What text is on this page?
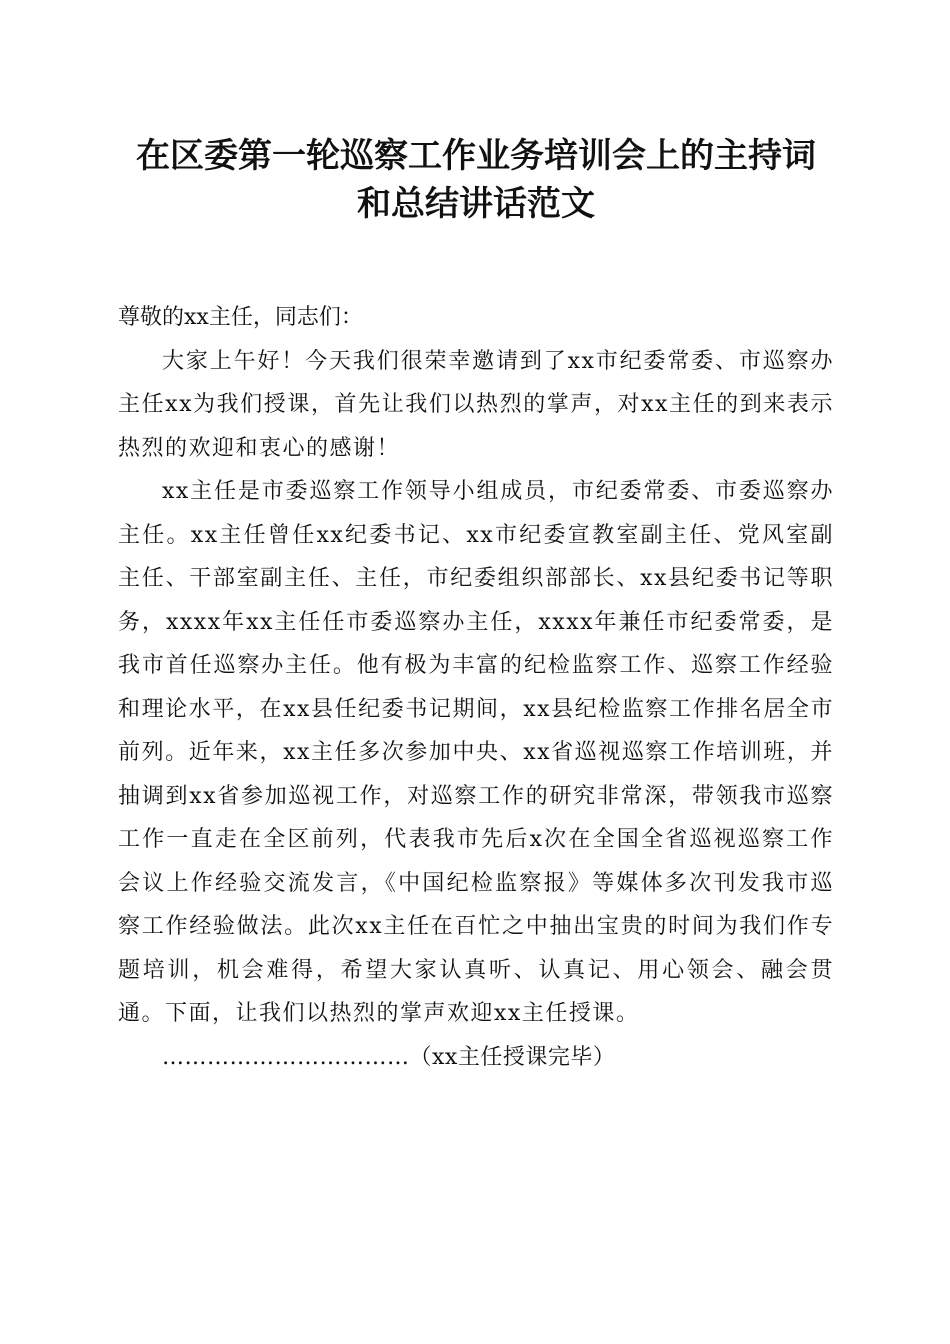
在区委第一轮巡察工作业务培训会上的主持词
和总结讲话范文

尊敬的xx主任，同志们：

大家上午好！今天我们很荣幸邀请到了xx市纪委常委、市巡察办主任xx为我们授课，首先让我们以热烈的掌声，对xx主任的到来表示热烈的欢迎和衷心的感谢！

xx主任是市委巡察工作领导小组成员，市纪委常委、市委巡察办主任。xx主任曾任xx纪委书记、xx市纪委宣教室副主任、党风室副主任、干部室副主任、主任，市纪委组织部部长、xx县纪委书记等职务，xxxx年xx主任任市委巡察办主任，xxxx年兼任市纪委常委，是我市首任巡察办主任。他有极为丰富的纪检监察工作、巡察工作经验和理论水平，在xx县任纪委书记期间，xx县纪检监察工作排名居全市前列。近年来，xx主任多次参加中央、xx省巡视巡察工作培训班，并抽调到xx省参加巡视工作，对巡察工作的研究非常深，带领我市巡察工作一直走在全区前列，代表我市先后x次在全国全省巡视巡察工作会议上作经验交流发言，《中国纪检监察报》等媒体多次刊发我市巡察工作经验做法。此次xx主任在百忙之中抽出宝贵的时间为我们作专题培训，机会难得，希望大家认真听、认真记、用心领会、融会贯通。下面，让我们以热烈的掌声欢迎xx主任授课。

……………………………（xx主任授课完毕）
